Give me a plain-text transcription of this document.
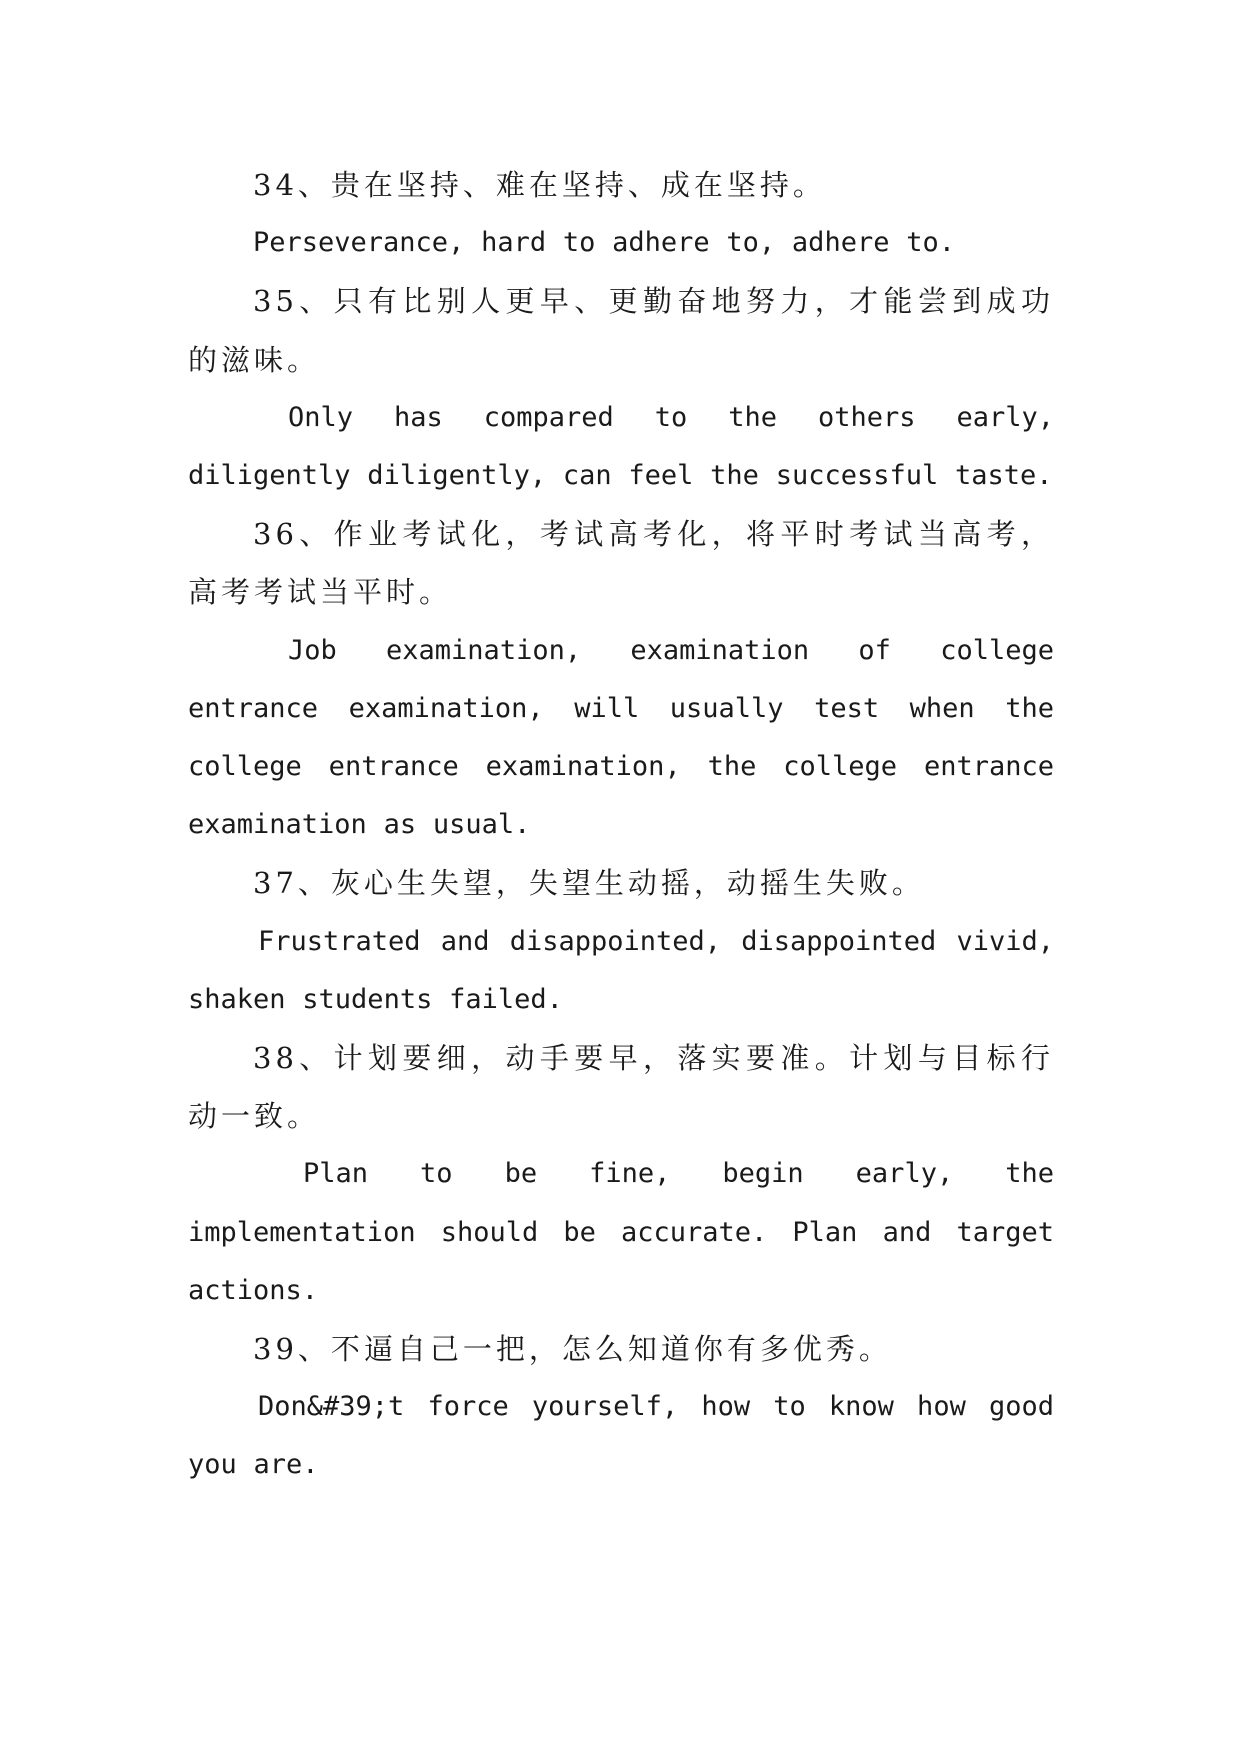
34、贵在坚持、难在坚持、成在坚持。

Perseverance, hard to adhere to, adhere to.

35、只有比别人更早、更勤奋地努力，才能尝到成功的滋味。

Only has compared to the others early, diligently diligently, can feel the successful taste.

36、作业考试化，考试高考化，将平时考试当高考，高考考试当平时。

Job examination, examination of college entrance examination, will usually test when the college entrance examination, the college entrance examination as usual.

37、灰心生失望，失望生动摇，动摇生失败。

Frustrated and disappointed, disappointed vivid, shaken students failed.

38、计划要细，动手要早，落实要准。计划与目标行动一致。

Plan to be fine, begin early, the implementation should be accurate. Plan and target actions.

39、不逼自己一把，怎么知道你有多优秀。

Don&#39;t force yourself, how to know how good you are.
